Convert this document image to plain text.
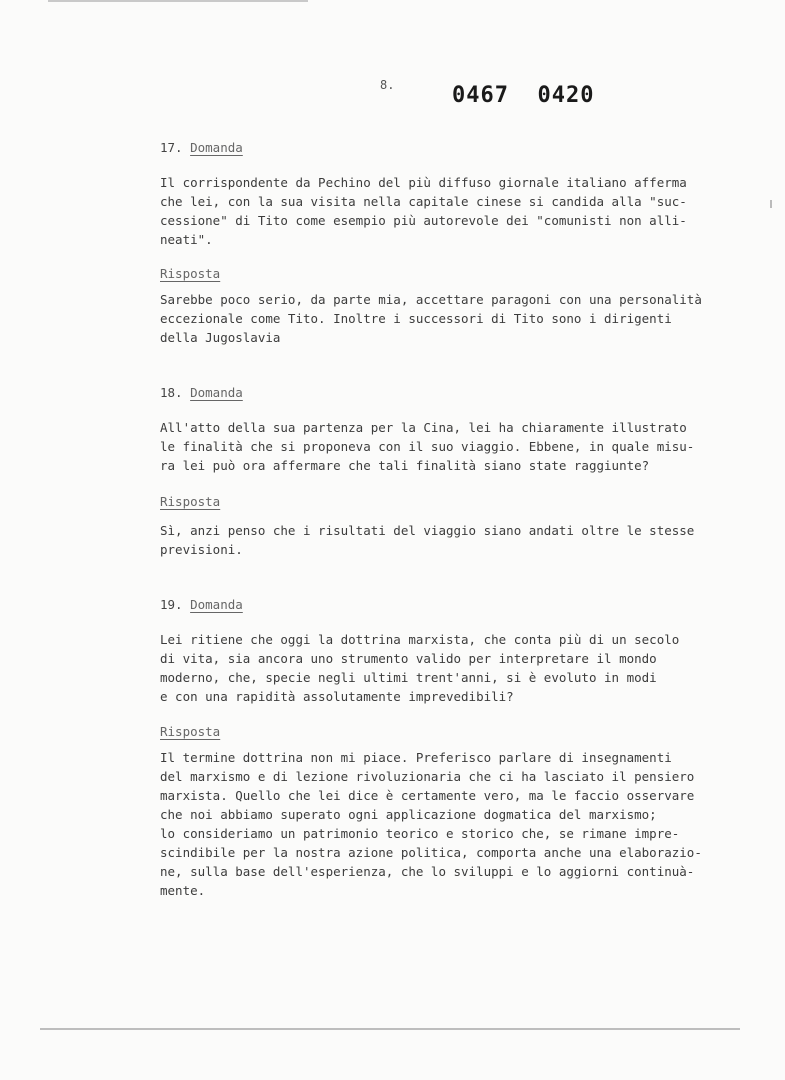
8.	0467  0420
17. Domanda
Il corrispondente da Pechino del più diffuso giornale italiano afferma
che lei, con la sua visita nella capitale cinese si candida alla "suc-
cessione" di Tito come esempio più autorevole dei "comunisti non alli-
neati".
Risposta
Sarebbe poco serio, da parte mia, accettare paragoni con una personalità
eccezionale come Tito. Inoltre i successori di Tito sono i dirigenti
della Jugoslavia
18. Domanda
All'atto della sua partenza per la Cina, lei ha chiaramente illustrato
le finalità che si proponeva con il suo viaggio. Ebbene, in quale misu-
ra lei può ora affermare che tali finalità siano state raggiunte?
Risposta
Sì, anzi penso che i risultati del viaggio siano andati oltre le stesse
previsioni.
19. Domanda
Lei ritiene che oggi la dottrina marxista, che conta più di un secolo
di vita, sia ancora uno strumento valido per interpretare il mondo
moderno, che, specie negli ultimi trent'anni, si è evoluto in modi
e con una rapidità assolutamente imprevedibili?
Risposta
Il termine dottrina non mi piace. Preferisco parlare di insegnamenti
del marxismo e di lezione rivoluzionaria che ci ha lasciato il pensiero
marxista. Quello che lei dice è certamente vero, ma le faccio osservare
che noi abbiamo superato ogni applicazione dogmatica del marxismo;
lo consideriamo un patrimonio teorico e storico che, se rimane impre-
scindibile per la nostra azione politica, comporta anche una elaborazio-
ne, sulla base dell'esperienza, che lo sviluppi e lo aggiorni continuà-
mente.
